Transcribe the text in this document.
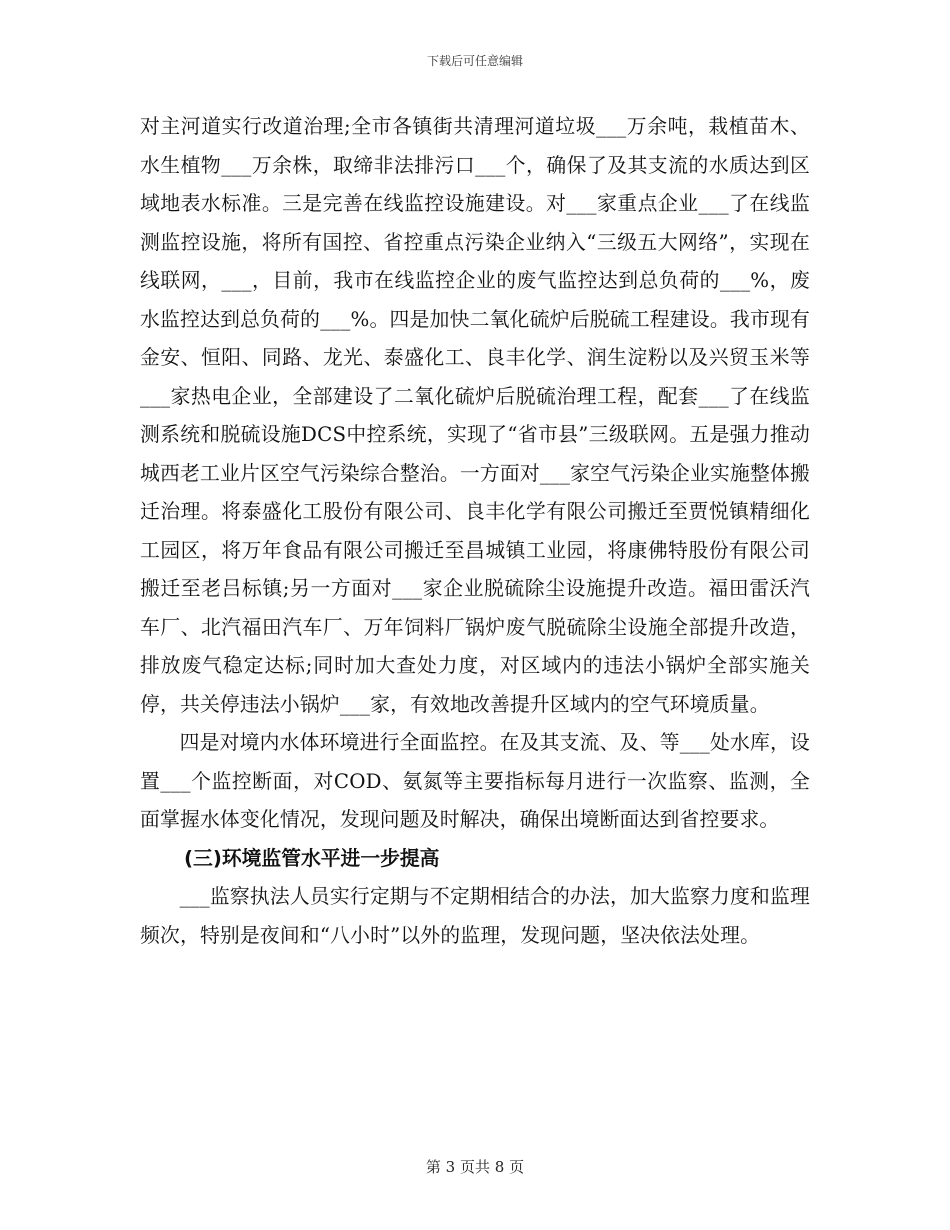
下载后可任意编辑

对主河道实行改道治理;全市各镇街共清理河道垃圾___万余吨，栽植苗木、水生植物___万余株，取缔非法排污口___个，确保了及其支流的水质达到区域地表水标准。三是完善在线监控设施建设。对___家重点企业___了在线监测监控设施，将所有国控、省控重点污染企业纳入“三级五大网络”，实现在线联网，___，目前，我市在线监控企业的废气监控达到总负荷的___%，废水监控达到总负荷的___%。四是加快二氧化硫炉后脱硫工程建设。我市现有金安、恒阳、同路、龙光、泰盛化工、良丰化学、润生淀粉以及兴贸玉米等___家热电企业，全部建设了二氧化硫炉后脱硫治理工程，配套___了在线监测系统和脱硫设施DCS中控系统，实现了“省市县”三级联网。五是强力推动城西老工业片区空气污染综合整治。一方面对___家空气污染企业实施整体搬迁治理。将泰盛化工股份有限公司、良丰化学有限公司搬迁至贾悦镇精细化工园区，将万年食品有限公司搬迁至昌城镇工业园，将康佛特股份有限公司搬迁至老吕标镇;另一方面对___家企业脱硫除尘设施提升改造。福田雷沃汽车厂、北汽福田汽车厂、万年饲料厂锅炉废气脱硫除尘设施全部提升改造，排放废气稳定达标;同时加大查处力度，对区域内的违法小锅炉全部实施关停，共关停违法小锅炉___家，有效地改善提升区域内的空气环境质量。

四是对境内水体环境进行全面监控。在及其支流、及、等___处水库，设置___个监控断面，对COD、氨氮等主要指标每月进行一次监察、监测，全面掌握水体变化情况，发现问题及时解决，确保出境断面达到省控要求。

(三)环境监管水平进一步提高

___监察执法人员实行定期与不定期相结合的办法，加大监察力度和监理频次，特别是夜间和“八小时”以外的监理，发现问题，坚决依法处理。

第 3 页共 8 页
